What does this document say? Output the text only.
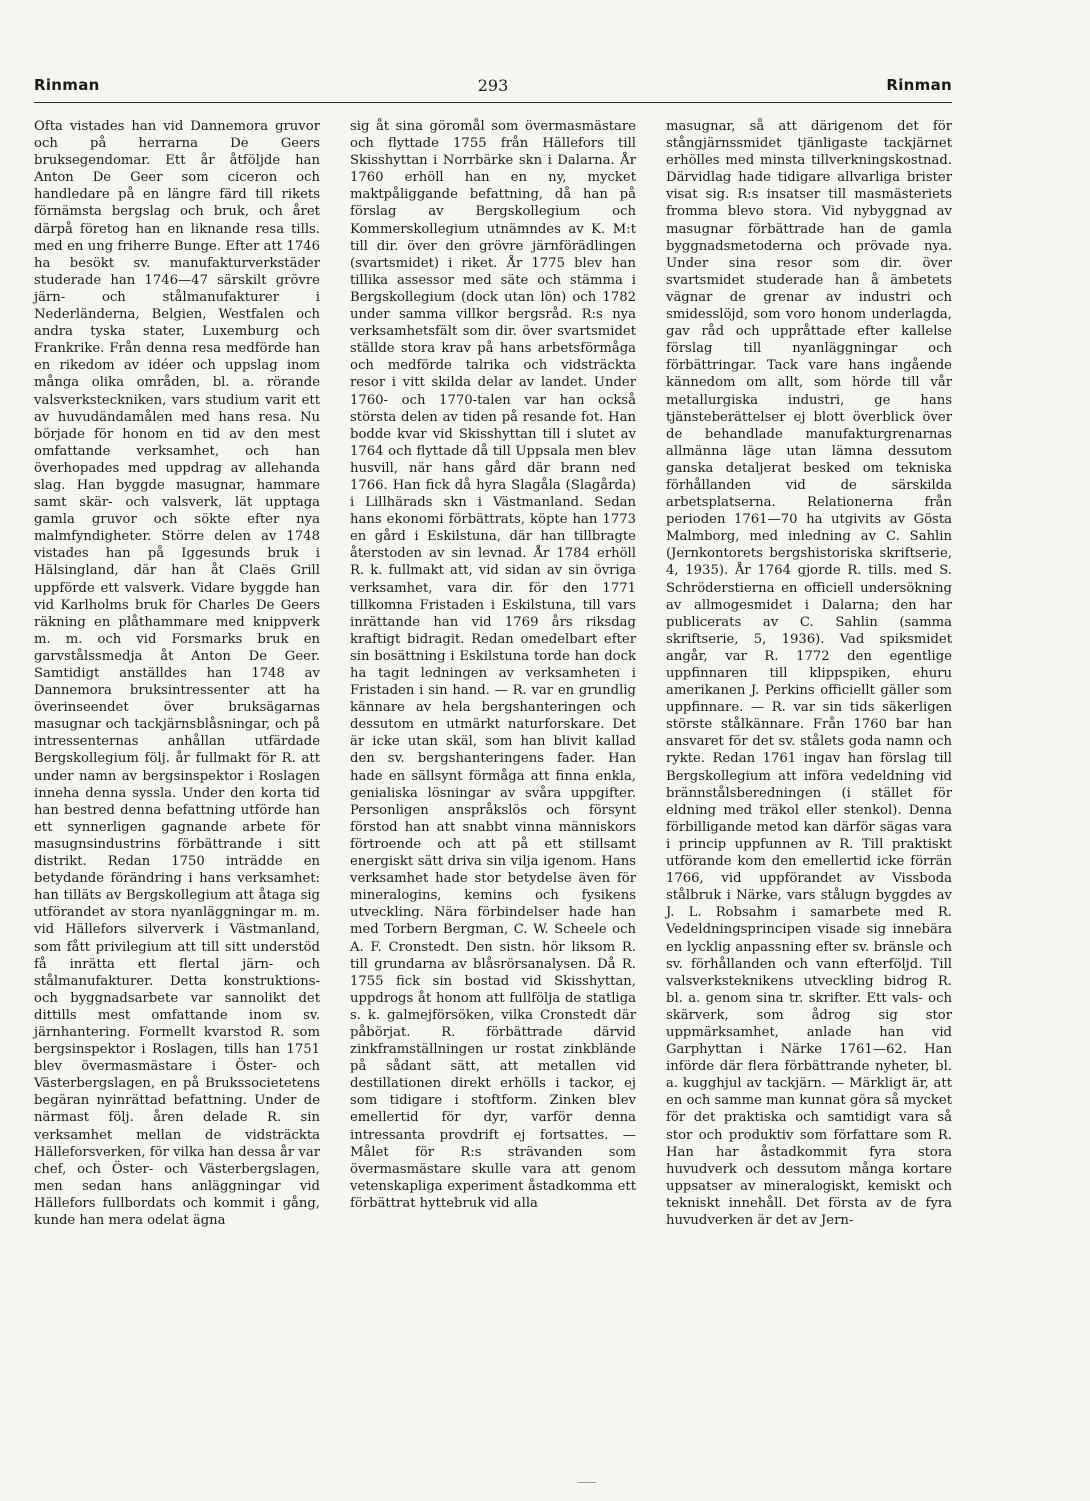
Rinman	293	Rinman
Ofta vistades han vid Dannemora gruvor och på herrarna De Geers bruksegendomar. Ett år åtföljde han Anton De Geer som ciceron och handledare på en längre färd till rikets förnämsta bergslag och bruk, och året därpå företog han en liknande resa tills. med en ung friherre Bunge. Efter att 1746 ha besökt sv. manufakturverkstäder studerade han 1746—47 särskilt grövre järn- och stålmanufakturer i Nederländerna, Belgien, Westfalen och andra tyska stater, Luxemburg och Frankrike. Från denna resa medförde han en rikedom av idéer och uppslag inom många olika områden, bl. a. rörande valsverksteckniken, vars studium varit ett av huvudändamålen med hans resa. Nu började för honom en tid av den mest omfattande verksamhet, och han överhopades med uppdrag av allehanda slag. Han byggde masugnar, hammare samt skär- och valsverk, lät upptaga gamla gruvor och sökte efter nya malmfyndigheter. Större delen av 1748 vistades han på Iggesunds bruk i Hälsingland, där han åt Claës Grill uppförde ett valsverk. Vidare byggde han vid Karlholms bruk för Charles De Geers räkning en plåthammare med knippverk m. m. och vid Forsmarks bruk en garvstålssmedja åt Anton De Geer. Samtidigt anställdes han 1748 av Dannemora bruksintressenter att ha överinseendet över bruksägarnas masugnar och tackjärnsblåsningar, och på intressenternas anhållan utfärdade Bergskollegium följ. år fullmakt för R. att under namn av bergsinspektor i Roslagen inneha denna syssla. Under den korta tid han bestred denna befattning utförde han ett synnerligen gagnande arbete för masugnsindustrins förbättrande i sitt distrikt. Redan 1750 inträdde en betydande förändring i hans verksamhet: han tilläts av Bergskollegium att åtaga sig utförandet av stora nyanläggningar m. m. vid Hällefors silververk i Västmanland, som fått privilegium att till sitt understöd få inrätta ett flertal järn- och stålmanufakturer. Detta konstruktions- och byggnadsarbete var sannolikt det dittills mest omfattande inom sv. järnhantering. Formellt kvarstod R. som bergsinspektor i Roslagen, tills han 1751 blev övermasmästare i Öster- och Västerbergslagen, en på Brukssocietetens begäran nyinrättad befattning. Under de närmast följ. åren delade R. sin verksamhet mellan de vidsträckta Hälleforsverken, för vilka han dessa år var chef, och Öster- och Västerbergslagen, men sedan hans anläggningar vid Hällefors fullbordats och kommit i gång, kunde han mera odelat ägna
sig åt sina göromål som övermasmästare och flyttade 1755 från Hällefors till Skisshyttan i Norrbärke skn i Dalarna. År 1760 erhöll han en ny, mycket maktpåliggande befattning, då han på förslag av Bergskollegium och Kommerskollegium utnämndes av K. M:t till dir. över den grövre järnförädlingen (svartsmidet) i riket. År 1775 blev han tillika assessor med säte och stämma i Bergskollegium (dock utan lön) och 1782 under samma villkor bergsråd. R:s nya verksamhetsfält som dir. över svartsmidet ställde stora krav på hans arbetsförmåga och medförde talrika och vidsträckta resor i vitt skilda delar av landet. Under 1760- och 1770-talen var han också största delen av tiden på resande fot. Han bodde kvar vid Skisshyttan till i slutet av 1764 och flyttade då till Uppsala men blev husvill, när hans gård där brann ned 1766. Han fick då hyra Slagåla (Slagårda) i Lillhärads skn i Västmanland. Sedan hans ekonomi förbättrats, köpte han 1773 en gård i Eskilstuna, där han tillbragte återstoden av sin levnad. År 1784 erhöll R. k. fullmakt att, vid sidan av sin övriga verksamhet, vara dir. för den 1771 tillkomna Fristaden i Eskilstuna, till vars inrättande han vid 1769 års riksdag kraftigt bidragit. Redan omedelbart efter sin bosättning i Eskilstuna torde han dock ha tagit ledningen av verksamheten i Fristaden i sin hand. — R. var en grundlig kännare av hela bergshanteringen och dessutom en utmärkt naturforskare. Det är icke utan skäl, som han blivit kallad den sv. bergshanteringens fader. Han hade en sällsynt förmåga att finna enkla, genialiska lösningar av svåra uppgifter. Personligen anspråkslös och försynt förstod han att snabbt vinna människors förtroende och att på ett stillsamt energiskt sätt driva sin vilja igenom. Hans verksamhet hade stor betydelse även för mineralogins, kemins och fysikens utveckling. Nära förbindelser hade han med Torbern Bergman, C. W. Scheele och A. F. Cronstedt. Den sistn. hör liksom R. till grundarna av blåsrörsanalysen. Då R. 1755 fick sin bostad vid Skisshyttan, uppdrogs åt honom att fullfölja de statliga s. k. galmejförsöken, vilka Cronstedt där påbörjat. R. förbättrade därvid zinkframställningen ur rostat zinkblände på sådant sätt, att metallen vid destillationen direkt erhölls i tackor, ej som tidigare i stoftform. Zinken blev emellertid för dyr, varför denna intressanta provdrift ej fortsattes. — Målet för R:s strävanden som övermasmästare skulle vara att genom vetenskapliga experiment åstadkomma ett förbättrat hyttebruk vid alla
masugnar, så att därigenom det för stångjärnssmidet tjänligaste tackjärnet erhölles med minsta tillverkningskostnad. Därvidlag hade tidigare allvarliga brister visat sig. R:s insatser till masmästeriets fromma blevo stora. Vid nybyggnad av masugnar förbättrade han de gamla byggnadsmetoderna och prövade nya. Under sina resor som dir. över svartsmidet studerade han å ämbetets vägnar de grenar av industri och smidesslöjd, som voro honom underlagda, gav råd och uppråttade efter kallelse förslag till nyanläggningar och förbättringar. Tack vare hans ingående kännedom om allt, som hörde till vår metallurgiska industri, ge hans tjänsteberättelser ej blott överblick över de behandlade manufakturgrenarnas allmänna läge utan lämna dessutom ganska detaljerat besked om tekniska förhållanden vid de särskilda arbetsplatserna. Relationerna från perioden 1761—70 ha utgivits av Gösta Malmborg, med inledning av C. Sahlin (Jernkontorets bergshistoriska skriftserie, 4, 1935). År 1764 gjorde R. tills. med S. Schröderstierna en officiell undersökning av allmogesmidet i Dalarna; den har publicerats av C. Sahlin (samma skriftserie, 5, 1936). Vad spiksmidet angår, var R. 1772 den egentlige uppfinnaren till klippspiken, ehuru amerikanen J. Perkins officiellt gäller som uppfinnare. — R. var sin tids säkerligen störste stålkännare. Från 1760 bar han ansvaret för det sv. stålets goda namn och rykte. Redan 1761 ingav han förslag till Bergskollegium att införa vedeldning vid brännstålsberedningen (i stället för eldning med träkol eller stenkol). Denna förbilligande metod kan därför sägas vara i princip uppfunnen av R. Till praktiskt utförande kom den emellertid icke förrän 1766, vid uppförandet av Vissboda stålbruk i Närke, vars stålugn byggdes av J. L. Robsahm i samarbete med R. Vedeldningsprincipen visade sig innebära en lycklig anpassning efter sv. bränsle och sv. förhållanden och vann efterföljd. Till valsverksteknikens utveckling bidrog R. bl. a. genom sina tr. skrifter. Ett vals- och skärverk, som ådrog sig stor uppmärksamhet, anlade han vid Garphyttan i Närke 1761—62. Han införde där flera förbättrande nyheter, bl. a. kugghjul av tackjärn. — Märkligt är, att en och samme man kunnat göra så mycket för det praktiska och samtidigt vara så stor och produktiv som författare som R. Han har åstadkommit fyra stora huvudverk och dessutom många kortare uppsatser av mineralogiskt, kemiskt och tekniskt innehåll. Det första av de fyra huvudverken är det av Jern-
